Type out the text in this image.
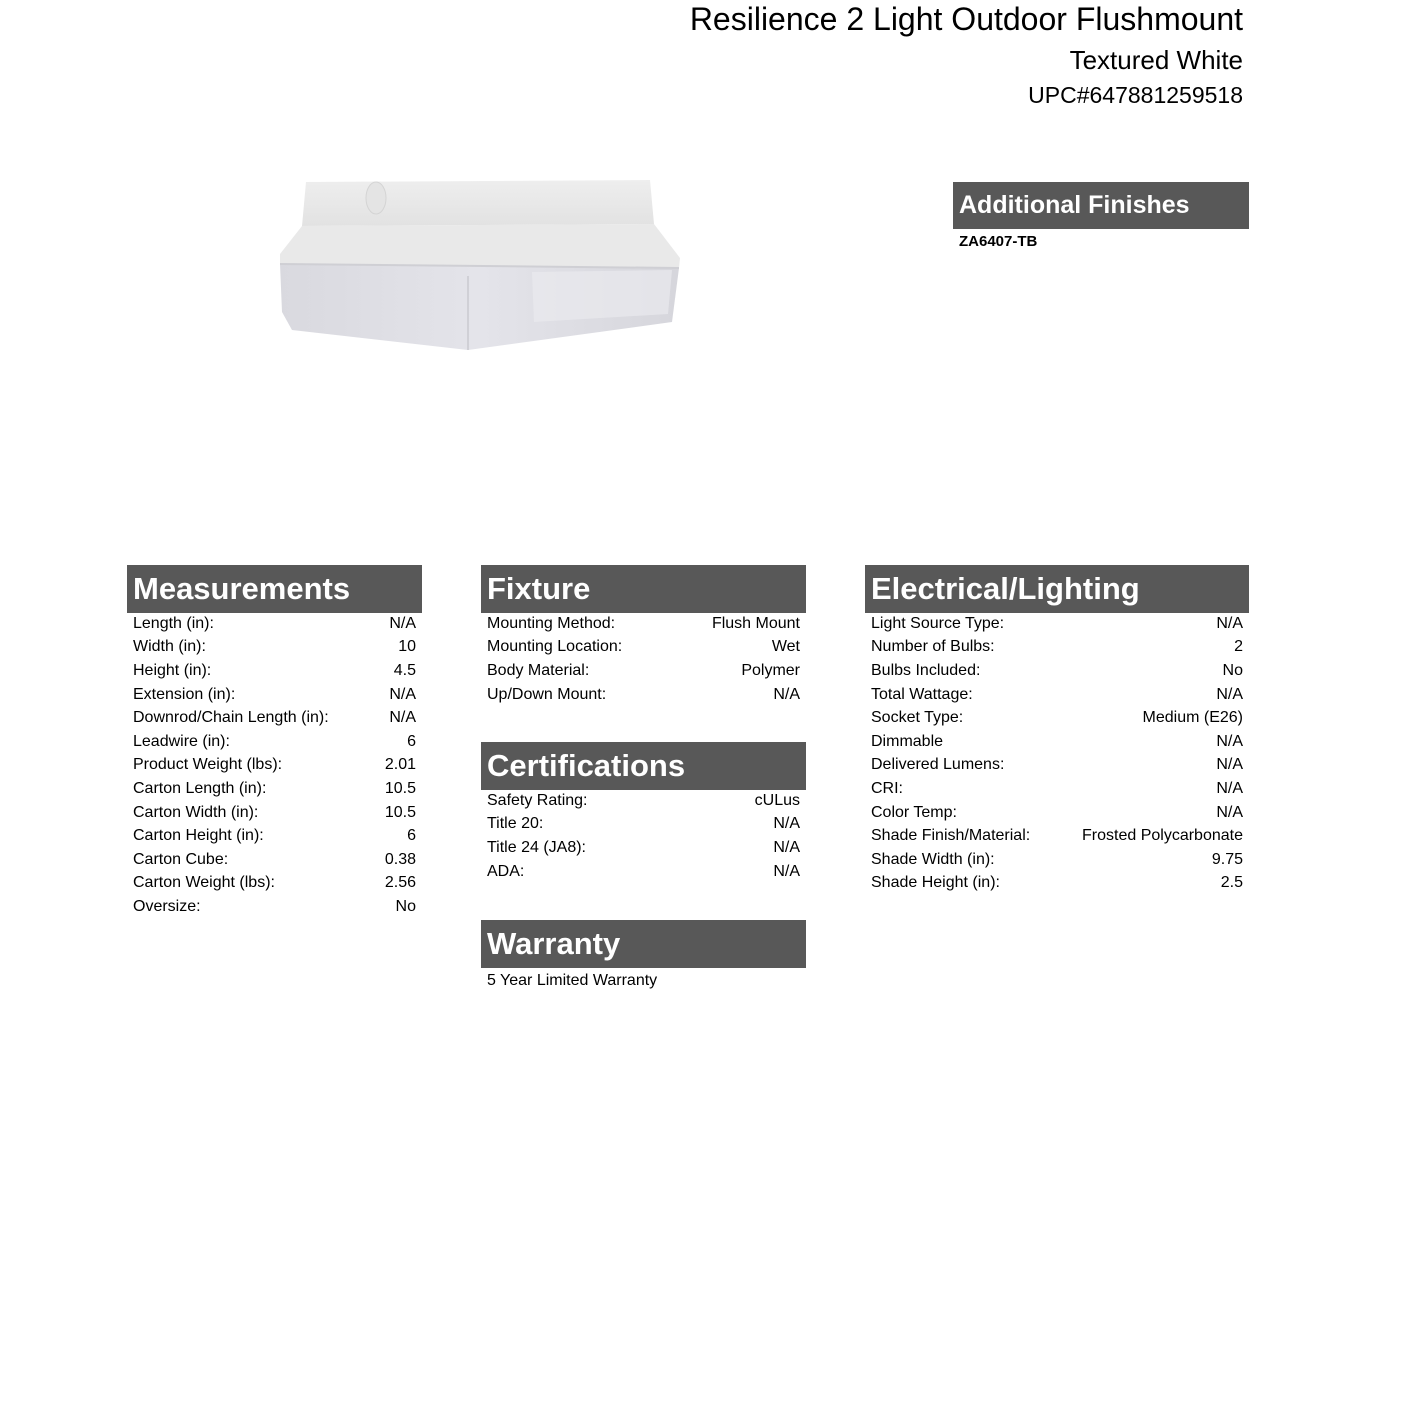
Resilience 2 Light Outdoor Flushmount
Textured White
UPC#647881259518
Additional Finishes
ZA6407-TB
Measurements
Length (in):	N/A
Width (in):	10
Height (in):	4.5
Extension (in):	N/A
Downrod/Chain Length (in):	N/A
Leadwire (in):	6
Product Weight (lbs):	2.01
Carton Length (in):	10.5
Carton Width (in):	10.5
Carton Height (in):	6
Carton Cube:	0.38
Carton Weight (lbs):	2.56
Oversize:	No
Fixture
Mounting Method:	Flush Mount
Mounting Location:	Wet
Body Material:	Polymer
Up/Down Mount:	N/A
Certifications
Safety Rating:	cULus
Title 20:	N/A
Title 24 (JA8):	N/A
ADA:	N/A
Warranty
5 Year Limited Warranty
Electrical/Lighting
Light Source Type:	N/A
Number of Bulbs:	2
Bulbs Included:	No
Total Wattage:	N/A
Socket Type:	Medium (E26)
Dimmable	N/A
Delivered Lumens:	N/A
CRI:	N/A
Color Temp:	N/A
Shade Finish/Material:	Frosted Polycarbonate
Shade Width (in):	9.75
Shade Height (in):	2.5
